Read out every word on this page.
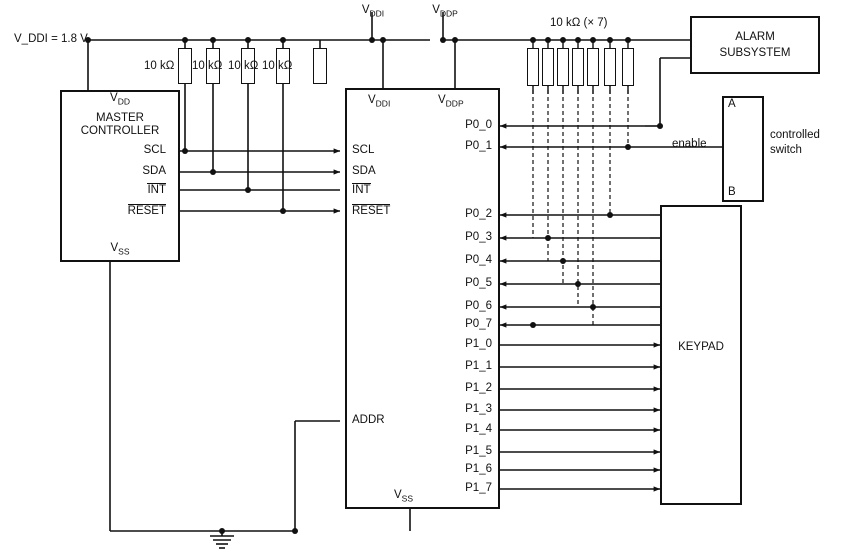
V_DDI = 1.8 V
$V_{DDI}$	$V_{DDP}$
10 kΩ 10 kΩ 10 kΩ 10 kΩ
10 kΩ (× 7)
$V_{DD}$
MASTER
CONTROLLER
$V_{SS}$
SCL
SDA
INT
RESET
$V_{DDI}$	$V_{DDP}$
$V_{SS}$
SCL
SDA
INT
RESET
ADDR
P0_0
P0_1
P0_2
P0_3
P0_4
P0_5
P0_6
P0_7
P1_0
P1_1
P1_2
P1_3
P1_4
P1_5
P1_6
P1_7
ALARM
SUBSYSTEM
A
B
controlled
switch
enable
KEYPAD
